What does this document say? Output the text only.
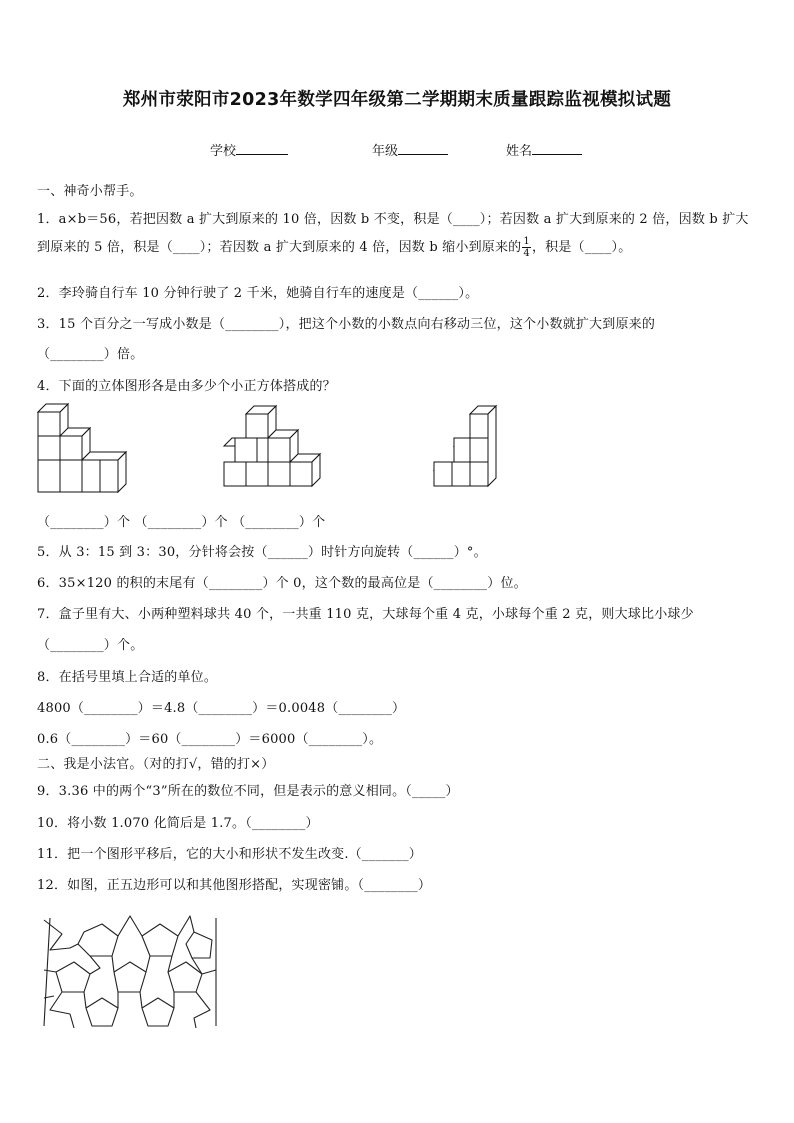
郑州市荥阳市2023年数学四年级第二学期期末质量跟踪监视模拟试题
学校	年级	姓名
一、神奇小帮手。
1．a×b＝56，若把因数 a 扩大到原来的 10 倍，因数 b 不变，积是（____）；若因数 a 扩大到原来的 2 倍，因数 b 扩大
到原来的 5 倍，积是（____）；若因数 a 扩大到原来的 4 倍，因数 b 缩小到原来的 $\frac{1}{4}$ ，积是（____）。
2．李玲骑自行车 10 分钟行驶了 2 千米，她骑自行车的速度是（______）。
3．15 个百分之一写成小数是（________），把这个小数的小数点向右移动三位，这个小数就扩大到原来的
（________）倍。
4．下面的立体图形各是由多少个小正方体搭成的？
（________）个 （________）个 （________）个
5．从 3：15 到 3：30，分针将会按（______）时针方向旋转（______）°。
6．35×120 的积的末尾有（________）个 0，这个数的最高位是（________）位。
7．盒子里有大、小两种塑料球共 40 个，一共重 110 克，大球每个重 4 克，小球每个重 2 克，则大球比小球少
（________）个。
8．在括号里填上合适的单位。
4800（________）＝4.8（________）＝0.0048（________）
0.6（________）＝60（________）＝6000（________）。
二、我是小法官。（对的打√，错的打×）
9．3.36 中的两个“3”所在的数位不同，但是表示的意义相同。（_____）
10．将小数 1.070 化简后是 1.7。（________）
11．把一个图形平移后，它的大小和形状不发生改变.（_______）
12．如图，正五边形可以和其他图形搭配，实现密铺。（________）
